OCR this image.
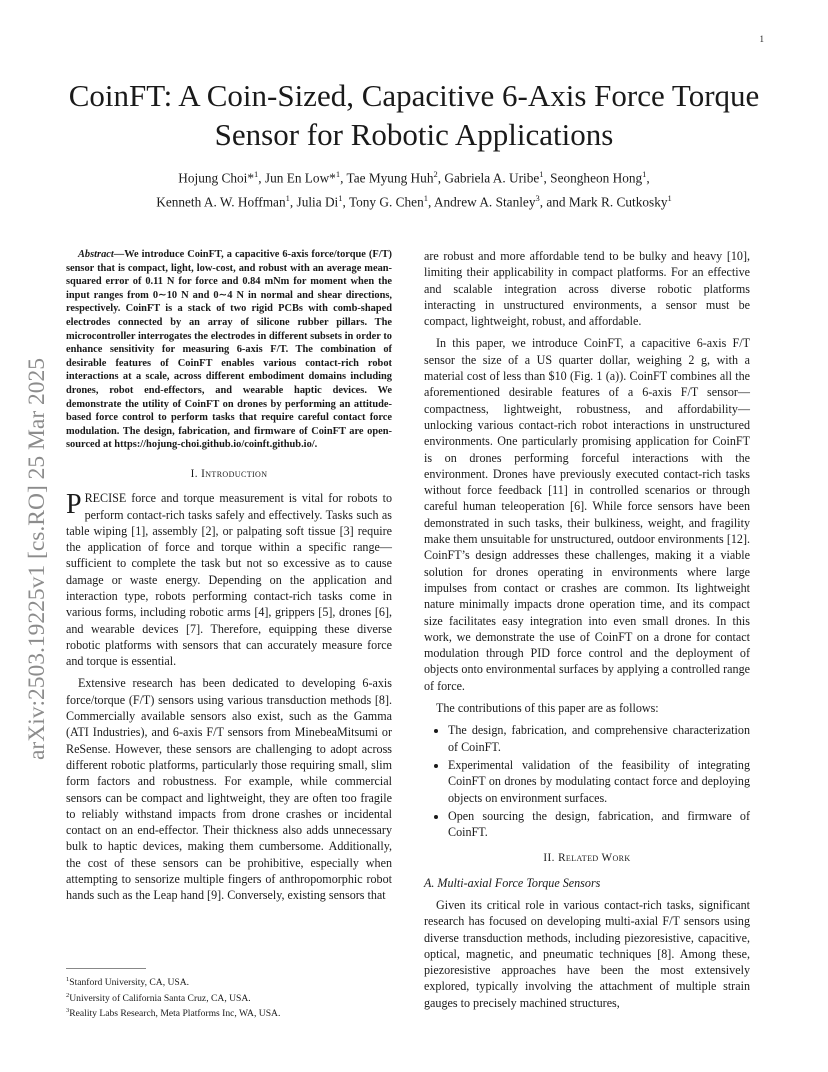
1
arXiv:2503.19225v1 [cs.RO] 25 Mar 2025
CoinFT: A Coin-Sized, Capacitive 6-Axis Force Torque Sensor for Robotic Applications
Hojung Choi*$^1$, Jun En Low*$^1$, Tae Myung Huh$^2$, Gabriela A. Uribe$^1$, Seongheon Hong$^1$,
Kenneth A. W. Hoffman$^1$, Julia Di$^1$, Tony G. Chen$^1$, Andrew A. Stanley$^3$, and Mark R. Cutkosky$^1$

Abstract—We introduce CoinFT, a capacitive 6-axis force/torque (F/T) sensor that is compact, light, low-cost, and robust with an average mean-squared error of 0.11 N for force and 0.84 mNm for moment when the input ranges from 0∼10 N and 0∼4 N in normal and shear directions, respectively. CoinFT is a stack of two rigid PCBs with comb-shaped electrodes connected by an array of silicone rubber pillars. The microcontroller interrogates the electrodes in different subsets in order to enhance sensitivity for measuring 6-axis F/T. The combination of desirable features of CoinFT enables various contact-rich robot interactions at a scale, across different embodiment domains including drones, robot end-effectors, and wearable haptic devices. We demonstrate the utility of CoinFT on drones by performing an attitude-based force control to perform tasks that require careful contact force modulation. The design, fabrication, and firmware of CoinFT are open-sourced at https://hojung-choi.github.io/coinft.github.io/.

I. Introduction

PRECISE force and torque measurement is vital for robots to perform contact-rich tasks safely and effectively. Tasks such as table wiping [1], assembly [2], or palpating soft tissue [3] require the application of force and torque within a specific range—sufficient to complete the task but not so excessive as to cause damage or waste energy. Depending on the application and interaction type, robots performing contact-rich tasks come in various forms, including robotic arms [4], grippers [5], drones [6], and wearable devices [7]. Therefore, equipping these diverse robotic platforms with sensors that can accurately measure force and torque is essential.

Extensive research has been dedicated to developing 6-axis force/torque (F/T) sensors using various transduction methods [8]. Commercially available sensors also exist, such as the Gamma (ATI Industries), and 6-axis F/T sensors from MinebeaMitsumi or ReSense. However, these sensors are challenging to adopt across different robotic platforms, particularly those requiring small, slim form factors and robustness. For example, while commercial sensors can be compact and lightweight, they are often too fragile to reliably withstand impacts from drone crashes or incidental contact on an end-effector. Their thickness also adds unnecessary bulk to haptic devices, making them cumbersome. Additionally, the cost of these sensors can be prohibitive, especially when attempting to sensorize multiple fingers of anthropomorphic robot hands such as the Leap hand [9]. Conversely, existing sensors that

$^1$Stanford University, CA, USA.
$^2$University of California Santa Cruz, CA, USA.
$^3$Reality Labs Research, Meta Platforms Inc, WA, USA.

are robust and more affordable tend to be bulky and heavy [10], limiting their applicability in compact platforms. For an effective and scalable integration across diverse robotic platforms interacting in unstructured environments, a sensor must be compact, lightweight, robust, and affordable.

In this paper, we introduce CoinFT, a capacitive 6-axis F/T sensor the size of a US quarter dollar, weighing 2 g, with a material cost of less than $10 (Fig. 1 (a)). CoinFT combines all the aforementioned desirable features of a 6-axis F/T sensor—compactness, lightweight, robustness, and affordability—unlocking various contact-rich robot interactions in unstructured environments. One particularly promising application for CoinFT is on drones performing forceful interactions with the environment. Drones have previously executed contact-rich tasks without force feedback [11] in controlled scenarios or through careful human teleoperation [6]. While force sensors have been demonstrated in such tasks, their bulkiness, weight, and fragility make them unsuitable for unstructured, outdoor environments [12]. CoinFT’s design addresses these challenges, making it a viable solution for drones operating in environments where large impulses from contact or crashes are common. Its lightweight nature minimally impacts drone operation time, and its compact size facilitates easy integration into even small drones. In this work, we demonstrate the use of CoinFT on a drone for contact modulation through PID force control and the deployment of objects onto environmental surfaces by applying a controlled range of force.

The contributions of this paper are as follows:

• The design, fabrication, and comprehensive characterization of CoinFT.
• Experimental validation of the feasibility of integrating CoinFT on drones by modulating contact force and deploying objects on environment surfaces.
• Open sourcing the design, fabrication, and firmware of CoinFT.
II. Related Work
A. Multi-axial Force Torque Sensors

Given its critical role in various contact-rich tasks, significant research has focused on developing multi-axial F/T sensors using diverse transduction methods, including piezoresistive, capacitive, optical, magnetic, and pneumatic techniques [8]. Among these, piezoresistive approaches have been the most extensively explored, typically involving the attachment of multiple strain gauges to precisely machined structures,
